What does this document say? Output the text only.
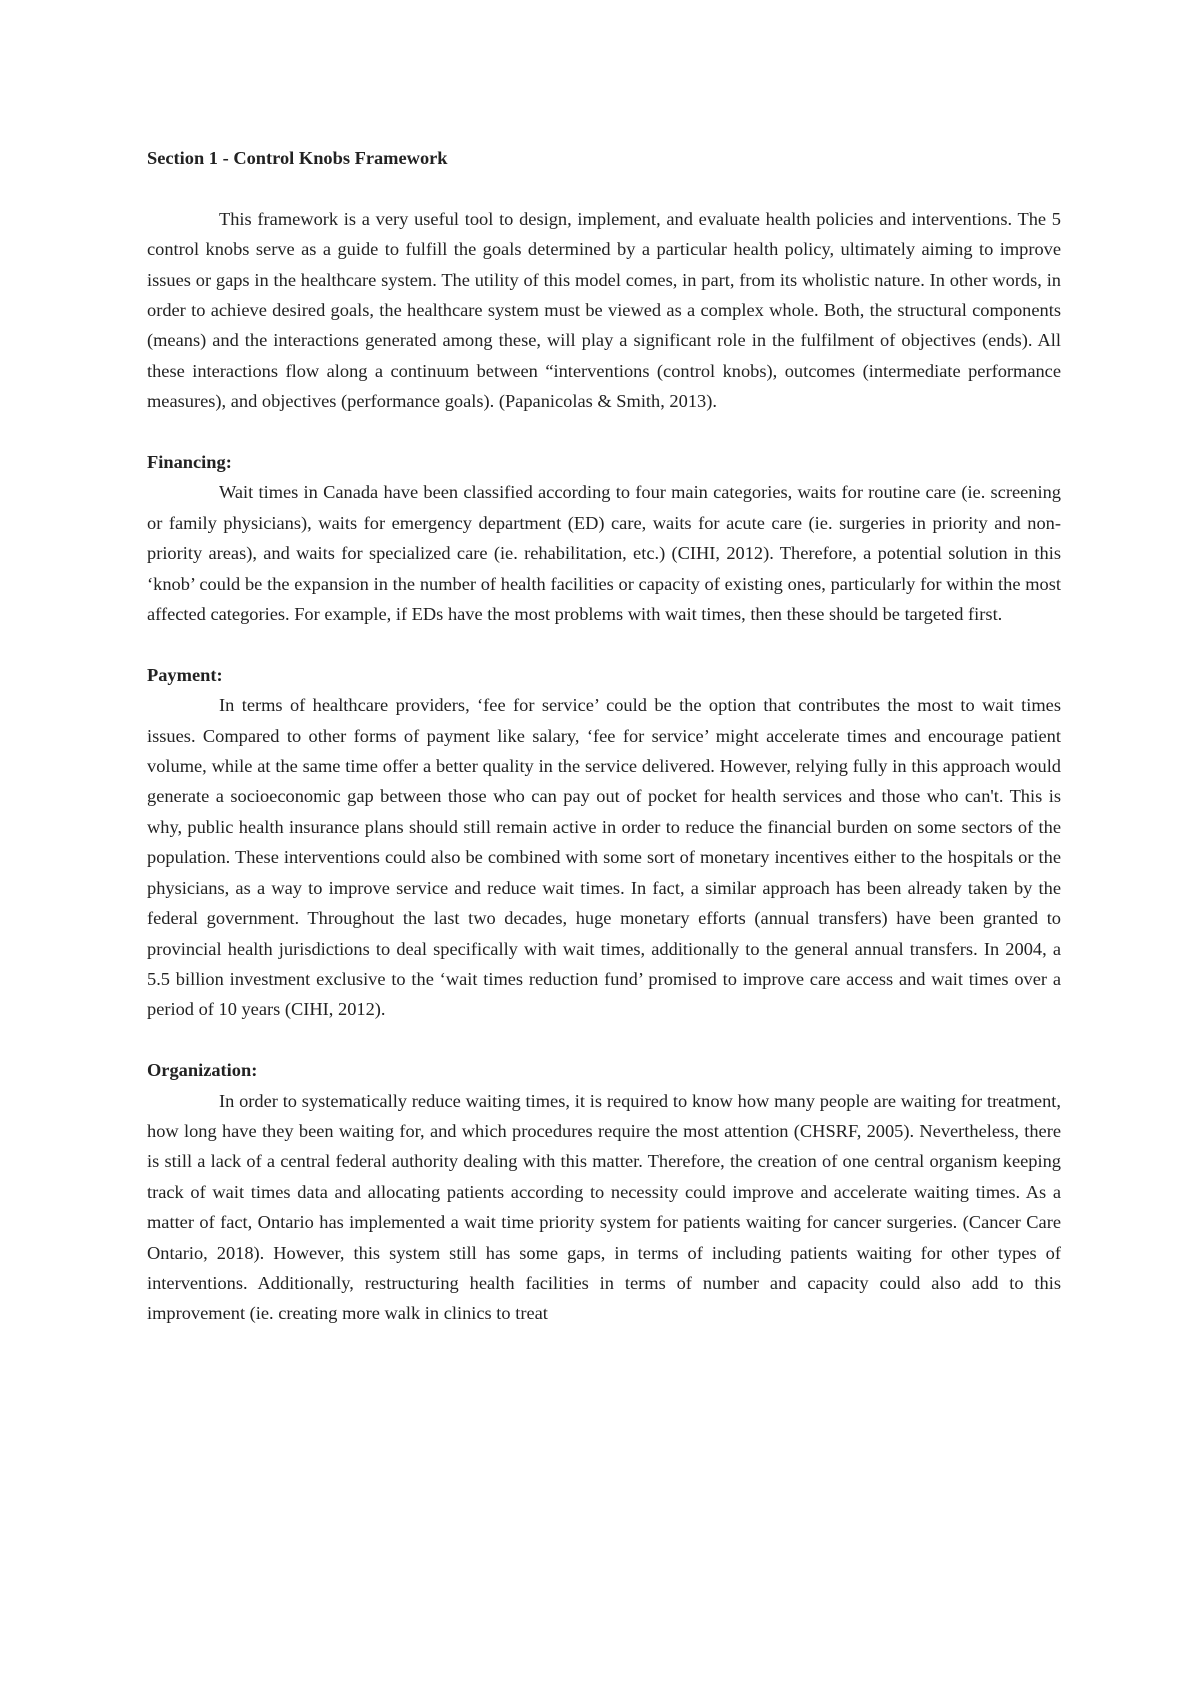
Section 1 - Control Knobs Framework

This framework is a very useful tool to design, implement, and evaluate health policies and interventions. The 5 control knobs serve as a guide to fulfill the goals determined by a particular health policy, ultimately aiming to improve issues or gaps in the healthcare system. The utility of this model comes, in part, from its wholistic nature. In other words, in order to achieve desired goals, the healthcare system must be viewed as a complex whole. Both, the structural components (means) and the interactions generated among these, will play a significant role in the fulfilment of objectives (ends). All these interactions flow along a continuum between “interventions (control knobs), outcomes (intermediate performance measures), and objectives (performance goals). (Papanicolas & Smith, 2013).

Financing:

Wait times in Canada have been classified according to four main categories, waits for routine care (ie. screening or family physicians), waits for emergency department (ED) care, waits for acute care (ie. surgeries in priority and non-priority areas), and waits for specialized care (ie. rehabilitation, etc.) (CIHI, 2012). Therefore, a potential solution in this ‘knob’ could be the expansion in the number of health facilities or capacity of existing ones, particularly for within the most affected categories. For example, if EDs have the most problems with wait times, then these should be targeted first.

Payment:

In terms of healthcare providers, ‘fee for service’ could be the option that contributes the most to wait times issues. Compared to other forms of payment like salary, ‘fee for service’ might accelerate times and encourage patient volume, while at the same time offer a better quality in the service delivered. However, relying fully in this approach would generate a socioeconomic gap between those who can pay out of pocket for health services and those who can't. This is why, public health insurance plans should still remain active in order to reduce the financial burden on some sectors of the population. These interventions could also be combined with some sort of monetary incentives either to the hospitals or the physicians, as a way to improve service and reduce wait times. In fact, a similar approach has been already taken by the federal government. Throughout the last two decades, huge monetary efforts (annual transfers) have been granted to provincial health jurisdictions to deal specifically with wait times, additionally to the general annual transfers. In 2004, a 5.5 billion investment exclusive to the ‘wait times reduction fund’ promised to improve care access and wait times over a period of 10 years (CIHI, 2012).

Organization:

In order to systematically reduce waiting times, it is required to know how many people are waiting for treatment, how long have they been waiting for, and which procedures require the most attention (CHSRF, 2005). Nevertheless, there is still a lack of a central federal authority dealing with this matter. Therefore, the creation of one central organism keeping track of wait times data and allocating patients according to necessity could improve and accelerate waiting times. As a matter of fact, Ontario has implemented a wait time priority system for patients waiting for cancer surgeries. (Cancer Care Ontario, 2018). However, this system still has some gaps, in terms of including patients waiting for other types of interventions. Additionally, restructuring health facilities in terms of number and capacity could also add to this improvement (ie. creating more walk in clinics to treat
